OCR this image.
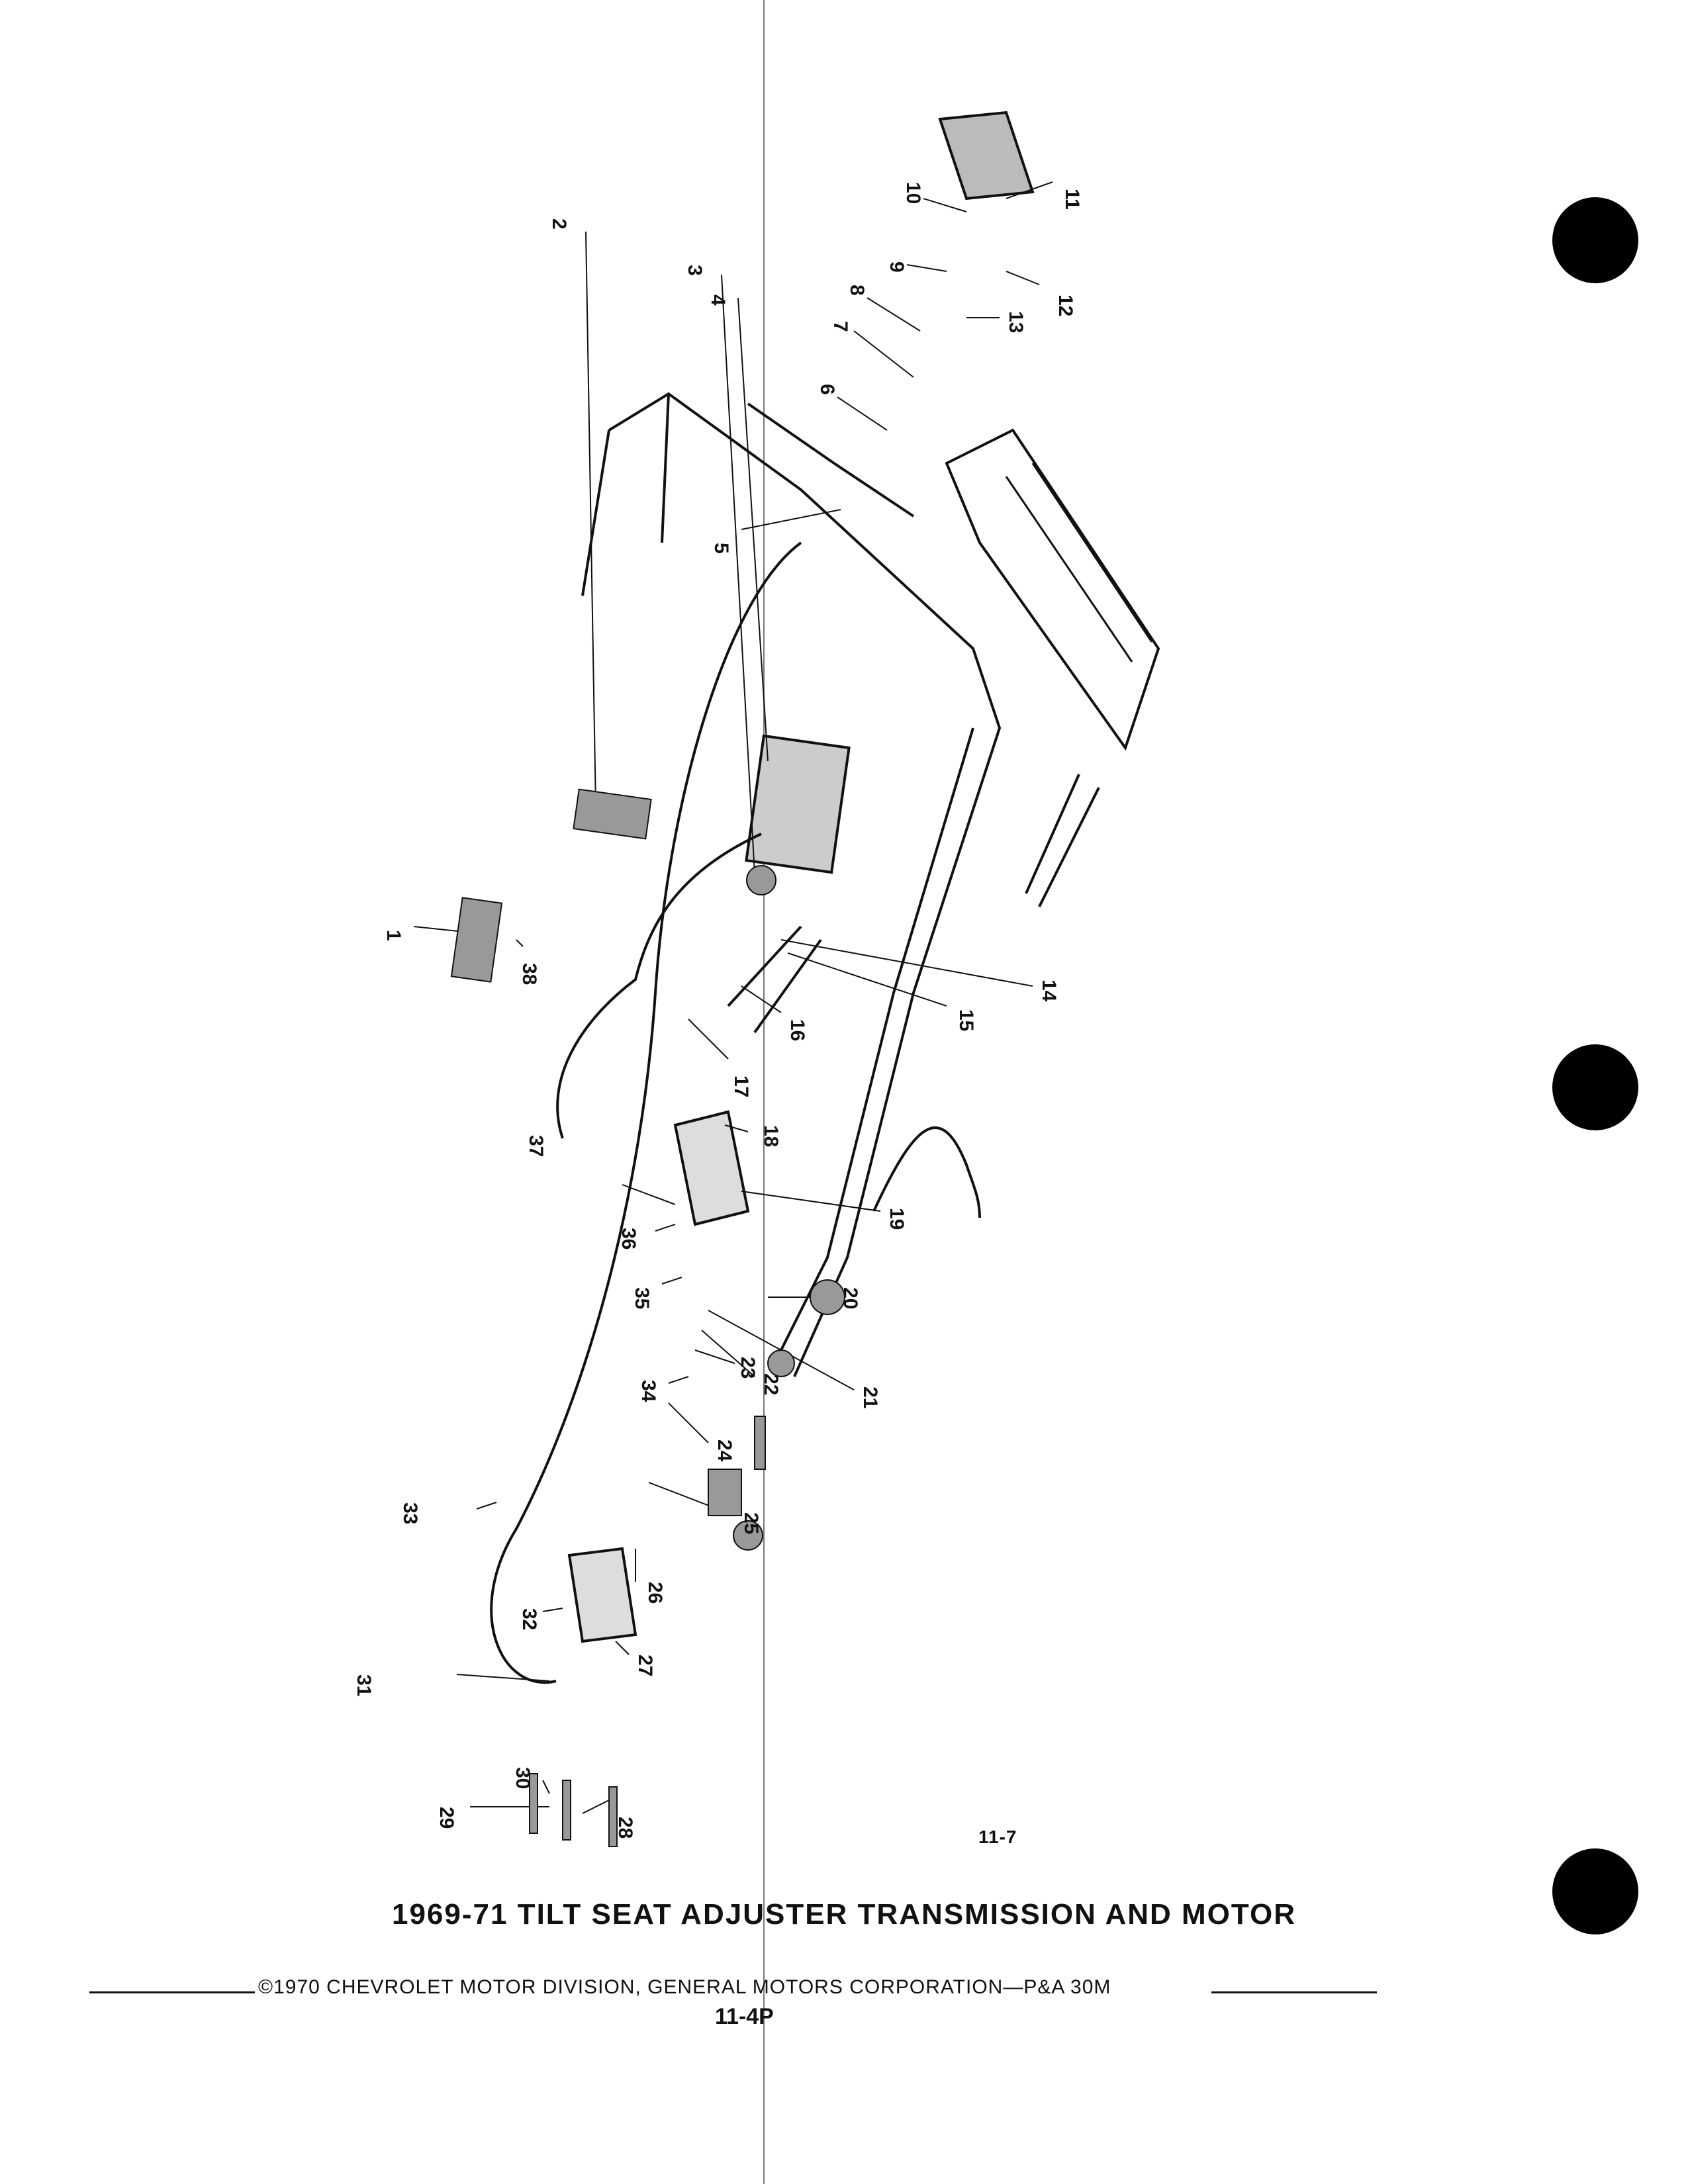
1
2
3
4
5
6
7
8
9
10	11
12
13
14
15
16
17
18
19
20
21
22
23
24
25
26
27
28
29
30
31
32
33
34
35
36
37
38
11-7
1969-71 TILT SEAT ADJUSTER TRANSMISSION AND MOTOR
©1970 CHEVROLET MOTOR DIVISION, GENERAL MOTORS CORPORATION—P&A 30M
11-4P
